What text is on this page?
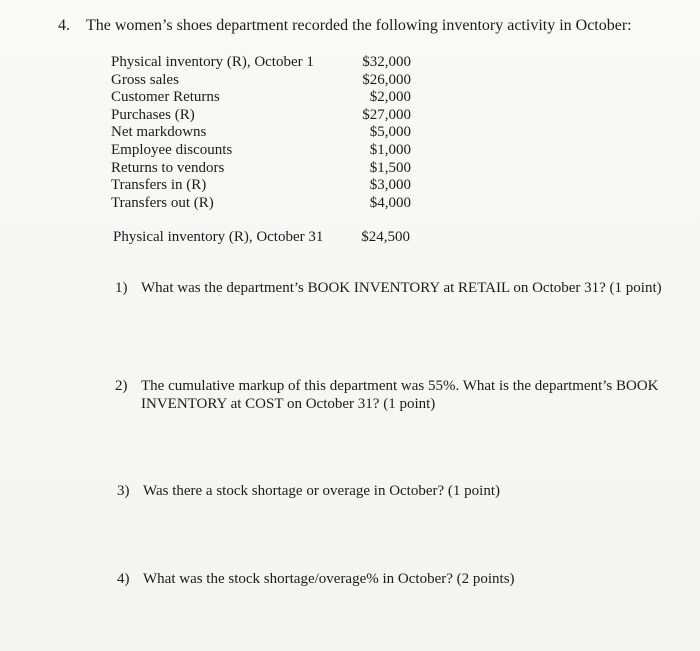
4. The women’s shoes department recorded the following inventory activity in October:
Physical inventory (R), October 1	$32,000
Gross sales	$26,000
Customer Returns	$2,000
Purchases (R)	$27,000
Net markdowns	$5,000
Employee discounts	$1,000
Returns to vendors	$1,500
Transfers in (R)	$3,000
Transfers out (R)	$4,000
Physical inventory (R), October 31	$24,500
1) What was the department’s BOOK INVENTORY at RETAIL on October 31? (1 point)
2) The cumulative markup of this department was 55%. What is the department’s BOOK INVENTORY at COST on October 31? (1 point)
3) Was there a stock shortage or overage in October? (1 point)
4) What was the stock shortage/overage% in October? (2 points)
